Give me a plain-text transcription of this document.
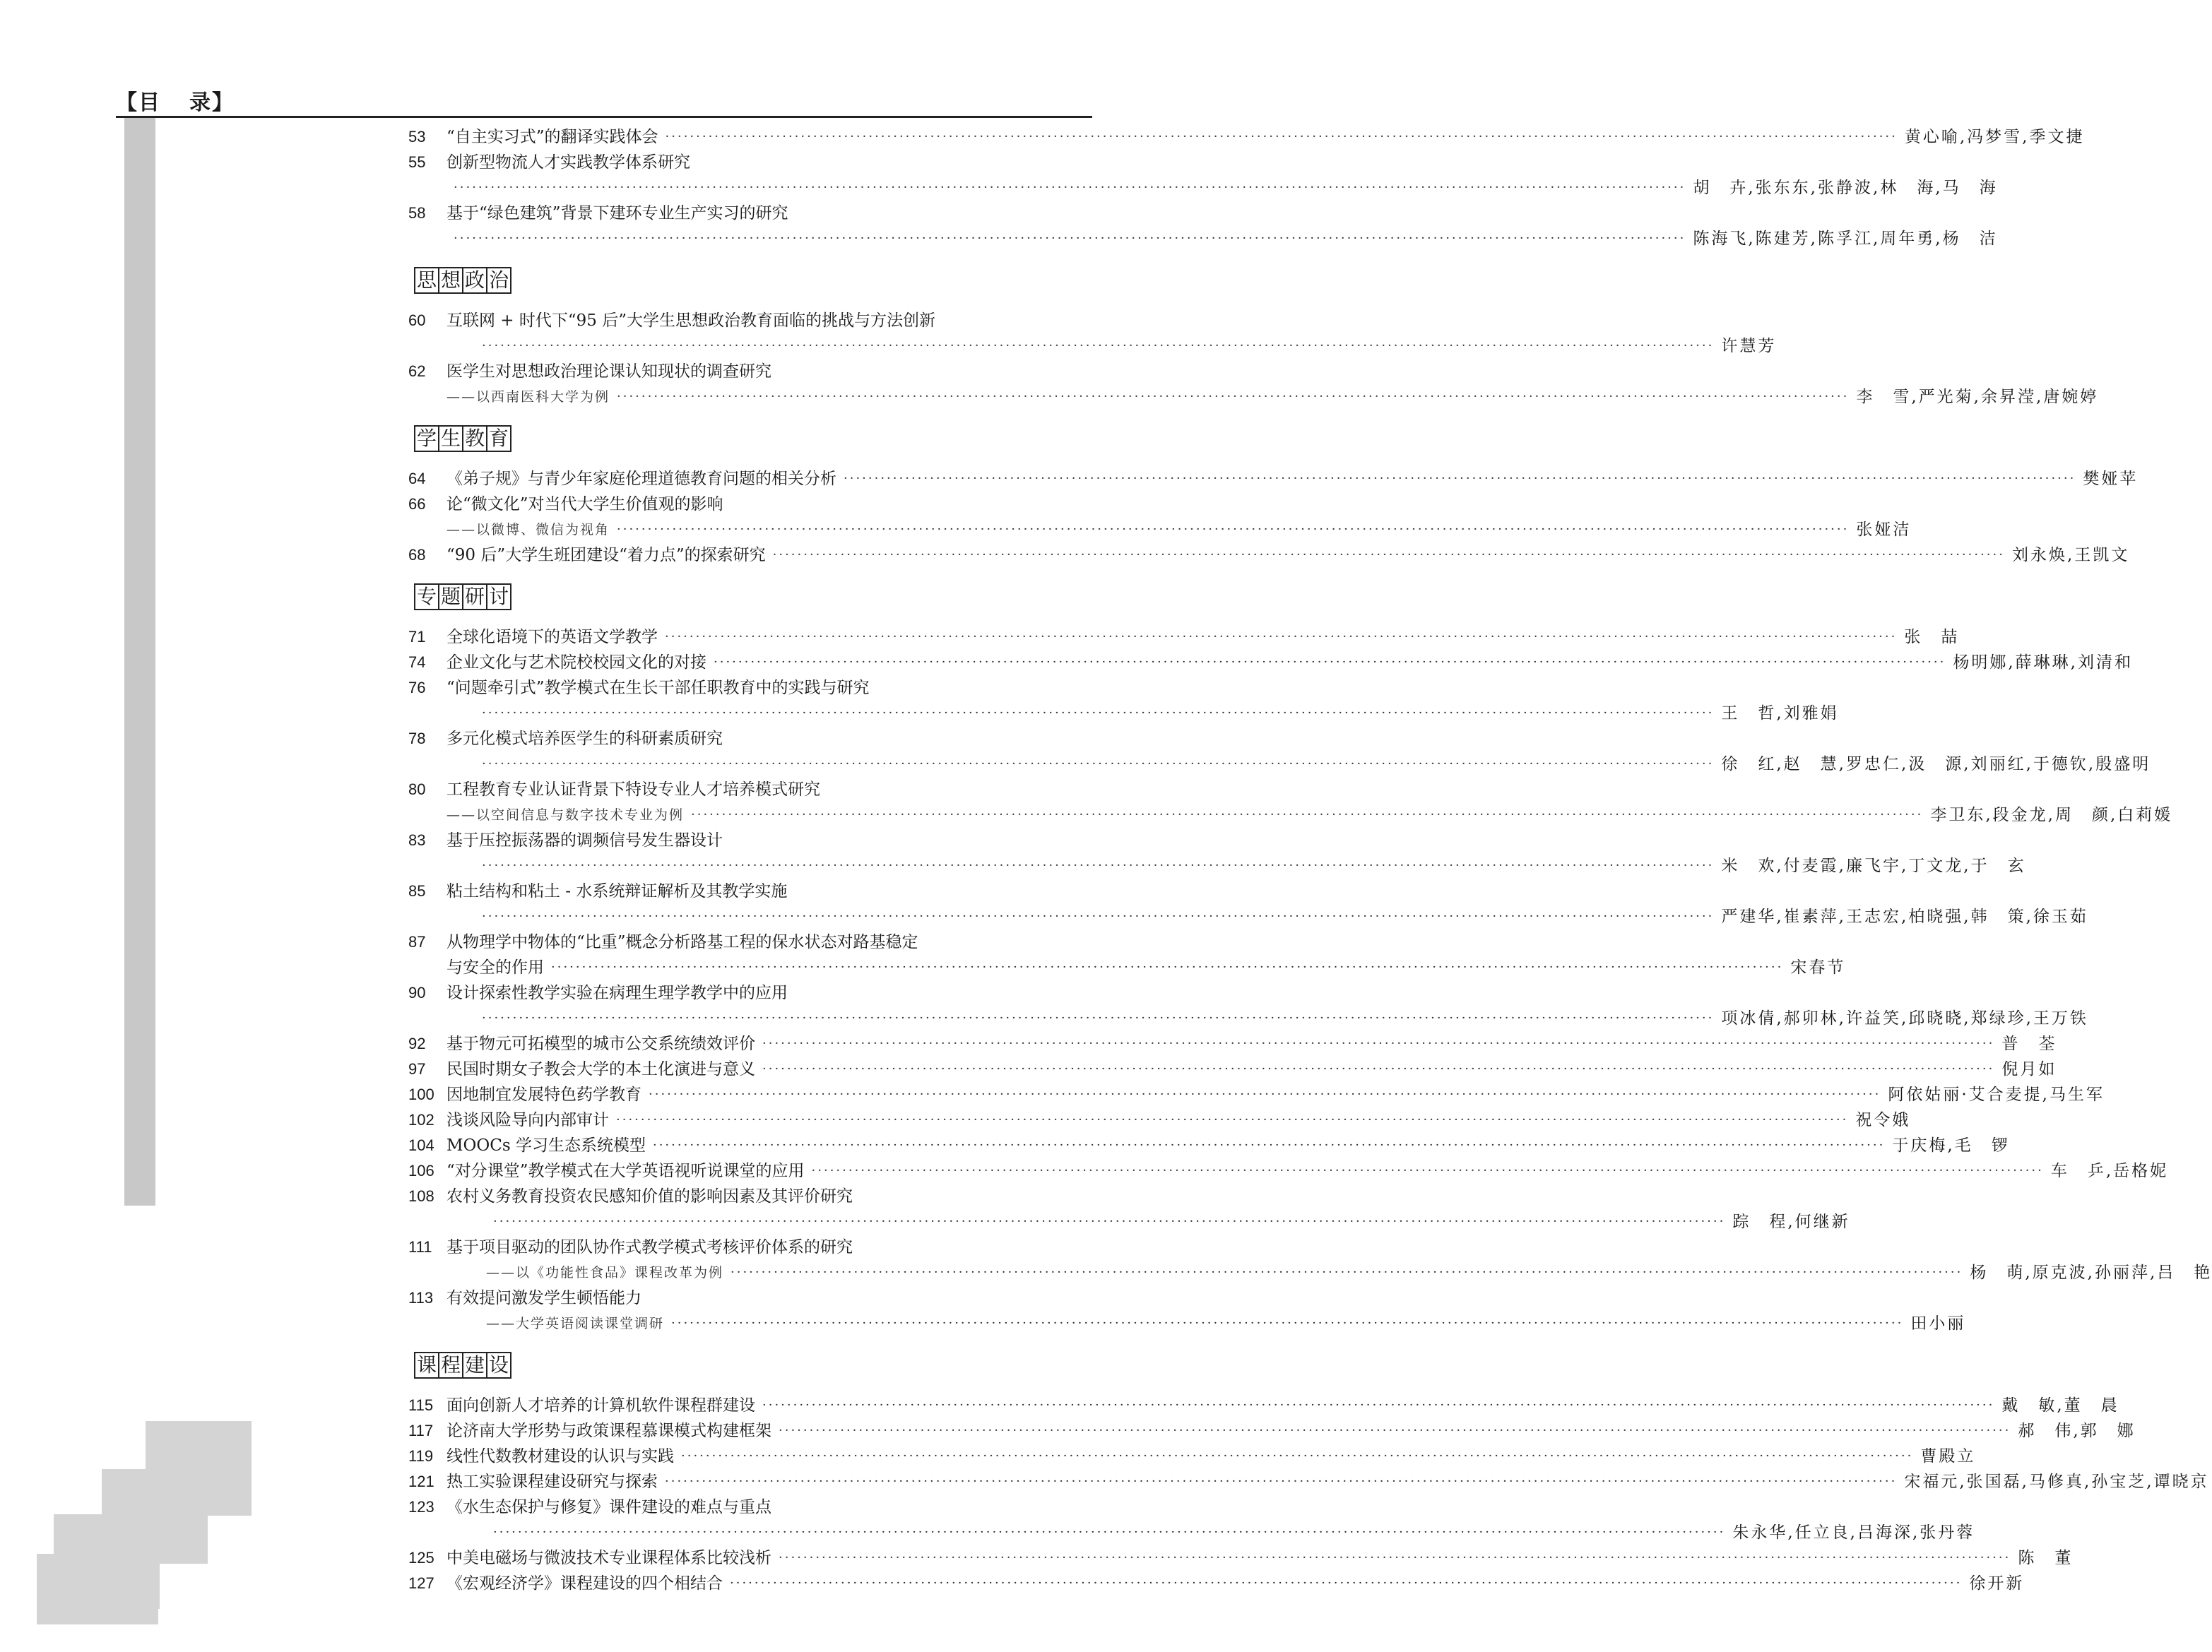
【目 录】
53 “自主实习式”的翻译实践体会 ········································································································································································································ 黄心喻,冯梦雪,季文捷
55 创新型物流人才实践教学体系研究
········································································································································································································ 胡　卉,张东东,张静波,林　海,马　海
58 基于“绿色建筑”背景下建环专业生产实习的研究
········································································································································································································ 陈海飞,陈建芳,陈孚江,周年勇,杨　洁
思 想 政 治
60 互联网 + 时代下“95 后”大学生思想政治教育面临的挑战与方法创新
········································································································································································································ 许慧芳
62 医学生对思想政治理论课认知现状的调查研究
——以西南医科大学为例 ········································································································································································································ 李　雪,严光菊,余昇滢,唐婉婷
学 生 教 育
64 《弟子规》与青少年家庭伦理道德教育问题的相关分析 ········································································································································································································ 樊娅苹
66 论“微文化”对当代大学生价值观的影响
——以微博、微信为视角 ········································································································································································································ 张娅洁
68 “90 后”大学生班团建设“着力点”的探索研究 ········································································································································································································ 刘永焕,王凯文
专 题 研 讨
71 全球化语境下的英语文学教学 ········································································································································································································ 张　喆
74 企业文化与艺术院校校园文化的对接 ········································································································································································································ 杨明娜,薛琳琳,刘清和
76 “问题牵引式”教学模式在生长干部任职教育中的实践与研究
········································································································································································································ 王　哲,刘雅娟
78 多元化模式培养医学生的科研素质研究
········································································································································································································ 徐　红,赵　慧,罗忠仁,汲　源,刘丽红,于德钦,殷盛明
80 工程教育专业认证背景下特设专业人才培养模式研究
——以空间信息与数字技术专业为例 ········································································································································································································ 李卫东,段金龙,周　颜,白莉媛
83 基于压控振荡器的调频信号发生器设计
········································································································································································································ 米　欢,付麦霞,廉飞宇,丁文龙,于　玄
85 粘土结构和粘土 - 水系统辩证解析及其教学实施
········································································································································································································ 严建华,崔素萍,王志宏,柏晓强,韩　策,徐玉茹
87 从物理学中物体的“比重”概念分析路基工程的保水状态对路基稳定
与安全的作用 ········································································································································································································ 宋春节
90 设计探索性教学实验在病理生理学教学中的应用
········································································································································································································ 项冰倩,郝卯林,许益笑,邱晓晓,郑绿珍,王万铁
92 基于物元可拓模型的城市公交系统绩效评价 ········································································································································································································ 普　荃
97 民国时期女子教会大学的本土化演进与意义 ········································································································································································································ 倪月如
100 因地制宜发展特色药学教育 ········································································································································································································ 阿依姑丽·艾合麦提,马生军
102 浅谈风险导向内部审计 ········································································································································································································ 祝令娥
104 MOOCs 学习生态系统模型 ········································································································································································································ 于庆梅,毛　锣
106 “对分课堂”教学模式在大学英语视听说课堂的应用 ········································································································································································································ 车　乒,岳格妮
108 农村义务教育投资农民感知价值的影响因素及其评价研究
········································································································································································································ 踪　程,何继新
111 基于项目驱动的团队协作式教学模式考核评价体系的研究
——以《功能性食品》课程改革为例 ········································································································································································································ 杨　萌,原克波,孙丽萍,吕　艳
113 有效提问激发学生顿悟能力
——大学英语阅读课堂调研 ········································································································································································································ 田小丽
课 程 建 设
115 面向创新人才培养的计算机软件课程群建设 ········································································································································································································ 戴　敏,董　晨
117 论济南大学形势与政策课程慕课模式构建框架 ········································································································································································································ 郝　伟,郭　娜
119 线性代数教材建设的认识与实践 ········································································································································································································ 曹殿立
121 热工实验课程建设研究与探索 ········································································································································································································ 宋福元,张国磊,马修真,孙宝芝,谭晓京
123 《水生态保护与修复》课件建设的难点与重点
········································································································································································································ 朱永华,任立良,吕海深,张丹蓉
125 中美电磁场与微波技术专业课程体系比较浅析 ········································································································································································································ 陈　董
127 《宏观经济学》课程建设的四个相结合 ········································································································································································································ 徐开新
